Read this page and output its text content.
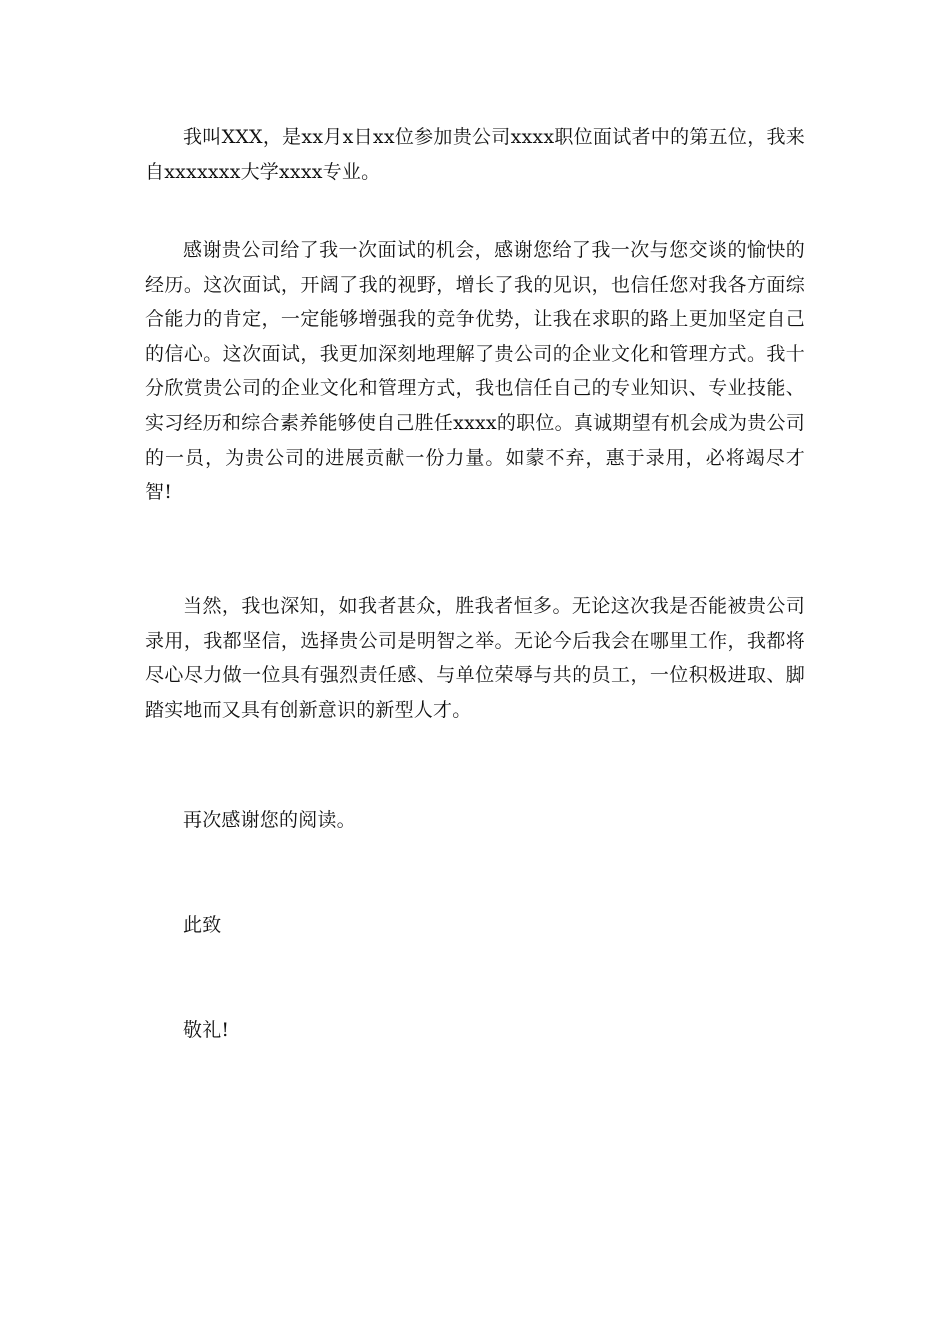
我叫XXX，是xx月x日xx位参加贵公司xxxx职位面试者中的第五位，我来自xxxxxxx大学xxxx专业。

感谢贵公司给了我一次面试的机会，感谢您给了我一次与您交谈的愉快的经历。这次面试，开阔了我的视野，增长了我的见识，也信任您对我各方面综合能力的肯定，一定能够增强我的竞争优势，让我在求职的路上更加坚定自己的信心。这次面试，我更加深刻地理解了贵公司的企业文化和管理方式。我十分欣赏贵公司的企业文化和管理方式，我也信任自己的专业知识、专业技能、实习经历和综合素养能够使自己胜任xxxx的职位。真诚期望有机会成为贵公司的一员，为贵公司的进展贡献一份力量。如蒙不弃，惠于录用，必将竭尽才智!

当然，我也深知，如我者甚众，胜我者恒多。无论这次我是否能被贵公司录用，我都坚信，选择贵公司是明智之举。无论今后我会在哪里工作，我都将尽心尽力做一位具有强烈责任感、与单位荣辱与共的员工，一位积极进取、脚踏实地而又具有创新意识的新型人才。

再次感谢您的阅读。

此致

敬礼!
